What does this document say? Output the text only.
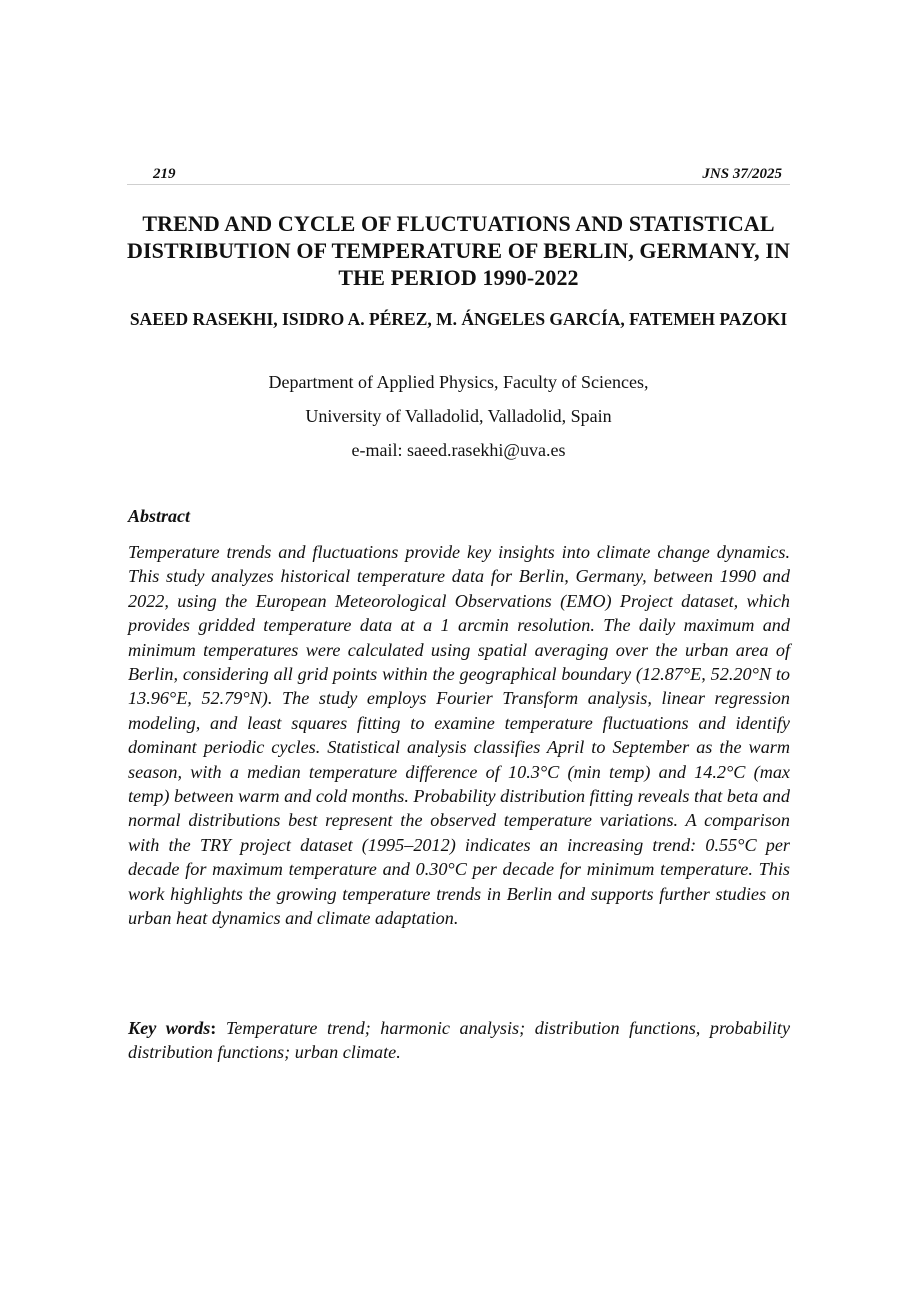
219	JNS 37/2025
TREND AND CYCLE OF FLUCTUATIONS AND STATISTICAL DISTRIBUTION OF TEMPERATURE OF BERLIN, GERMANY, IN THE PERIOD 1990-2022
SAEED RASEKHI, ISIDRO A. PÉREZ, M. ÁNGELES GARCÍA, FATEMEH PAZOKI
Department of Applied Physics, Faculty of Sciences,
University of Valladolid, Valladolid, Spain
e-mail: saeed.rasekhi@uva.es
Abstract
Temperature trends and fluctuations provide key insights into climate change dynamics. This study analyzes historical temperature data for Berlin, Germany, between 1990 and 2022, using the European Meteorological Observations (EMO) Project dataset, which provides gridded temperature data at a 1 arcmin resolution. The daily maximum and minimum temperatures were calculated using spatial averaging over the urban area of Berlin, considering all grid points within the geographical boundary (12.87°E, 52.20°N to 13.96°E, 52.79°N). The study employs Fourier Transform analysis, linear regression modeling, and least squares fitting to examine temperature fluctuations and identify dominant periodic cycles. Statistical analysis classifies April to September as the warm season, with a median temperature difference of 10.3°C (min temp) and 14.2°C (max temp) between warm and cold months. Probability distribution fitting reveals that beta and normal distributions best represent the observed temperature variations. A comparison with the TRY project dataset (1995–2012) indicates an increasing trend: 0.55°C per decade for maximum temperature and 0.30°C per decade for minimum temperature. This work highlights the growing temperature trends in Berlin and supports further studies on urban heat dynamics and climate adaptation.
Key words: Temperature trend; harmonic analysis; distribution functions, probability distribution functions; urban climate.
